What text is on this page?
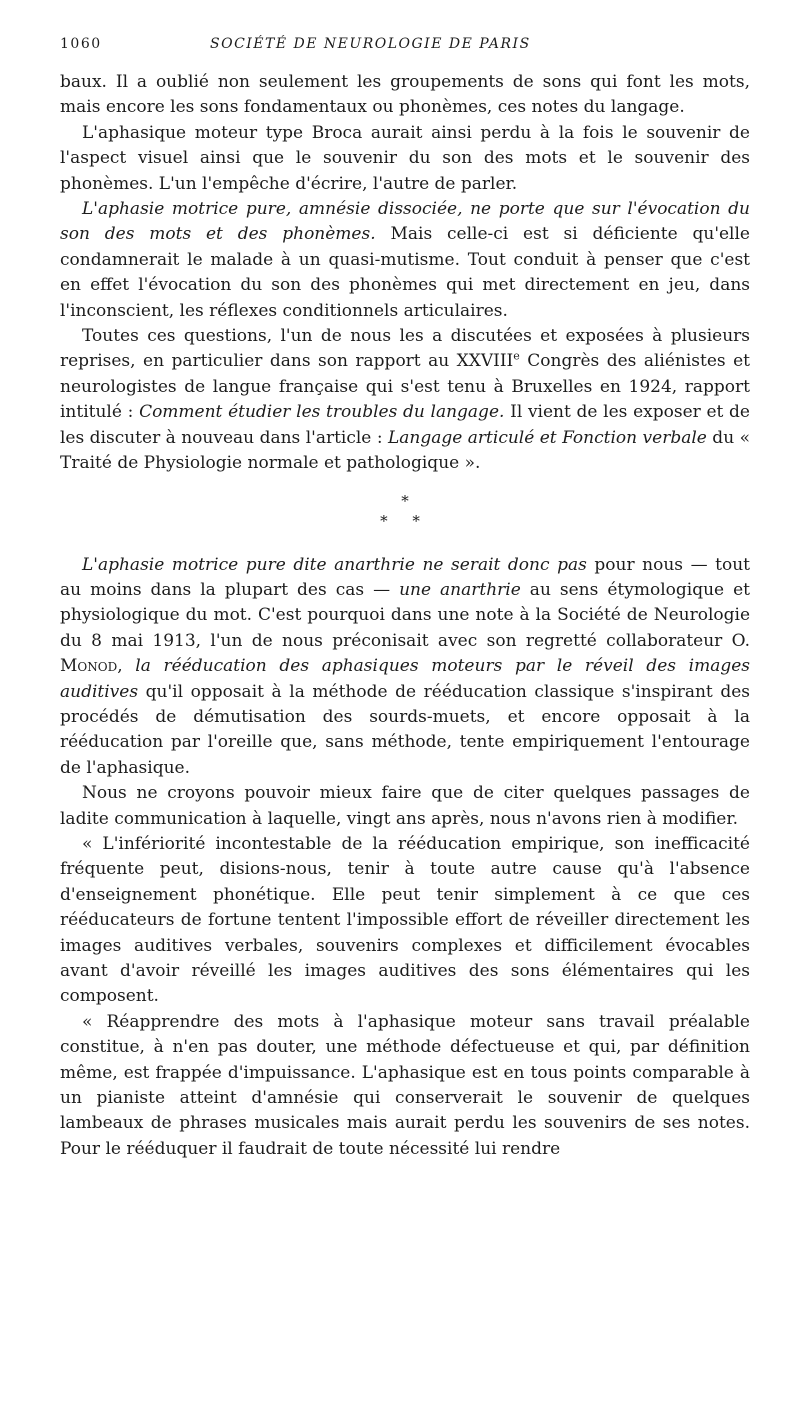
1060	SOCIÉTÉ DE NEUROLOGIE DE PARIS

baux. Il a oublié non seulement les groupements de sons qui font les mots, mais encore les sons fondamentaux ou phonèmes, ces notes du langage.

L'aphasique moteur type Broca aurait ainsi perdu à la fois le souvenir de l'aspect visuel ainsi que le souvenir du son des mots et le souvenir des phonèmes. L'un l'empêche d'écrire, l'autre de parler.

L'aphasie motrice pure, amnésie dissociée, ne porte que sur l'évocation du son des mots et des phonèmes. Mais celle-ci est si déficiente qu'elle condamnerait le malade à un quasi-mutisme. Tout conduit à penser que c'est en effet l'évocation du son des phonèmes qui met directement en jeu, dans l'inconscient, les réflexes conditionnels articulaires.

Toutes ces questions, l'un de nous les a discutées et exposées à plusieurs reprises, en particulier dans son rapport au XXVIIIe Congrès des aliénistes et neurologistes de langue française qui s'est tenu à Bruxelles en 1924, rapport intitulé : Comment étudier les troubles du langage. Il vient de les exposer et de les discuter à nouveau dans l'article : Langage articulé et Fonction verbale du « Traité de Physiologie normale et pathologique ».

*
* *

L'aphasie motrice pure dite anarthrie ne serait donc pas pour nous — tout au moins dans la plupart des cas — une anarthrie au sens étymologique et physiologique du mot. C'est pourquoi dans une note à la Société de Neurologie du 8 mai 1913, l'un de nous préconisait avec son regretté collaborateur O. Monod, la rééducation des aphasiques moteurs par le réveil des images auditives qu'il opposait à la méthode de rééducation classique s'inspirant des procédés de démutisation des sourds-muets, et encore opposait à la rééducation par l'oreille que, sans méthode, tente empiriquement l'entourage de l'aphasique.

Nous ne croyons pouvoir mieux faire que de citer quelques passages de ladite communication à laquelle, vingt ans après, nous n'avons rien à modifier.

« L'infériorité incontestable de la rééducation empirique, son inefficacité fréquente peut, disions-nous, tenir à toute autre cause qu'à l'absence d'enseignement phonétique. Elle peut tenir simplement à ce que ces rééducateurs de fortune tentent l'impossible effort de réveiller directement les images auditives verbales, souvenirs complexes et difficilement évocables avant d'avoir réveillé les images auditives des sons élémentaires qui les composent.

« Réapprendre des mots à l'aphasique moteur sans travail préalable constitue, à n'en pas douter, une méthode défectueuse et qui, par définition même, est frappée d'impuissance. L'aphasique est en tous points comparable à un pianiste atteint d'amnésie qui conserverait le souvenir de quelques lambeaux de phrases musicales mais aurait perdu les souvenirs de ses notes. Pour le rééduquer il faudrait de toute nécessité lui rendre
